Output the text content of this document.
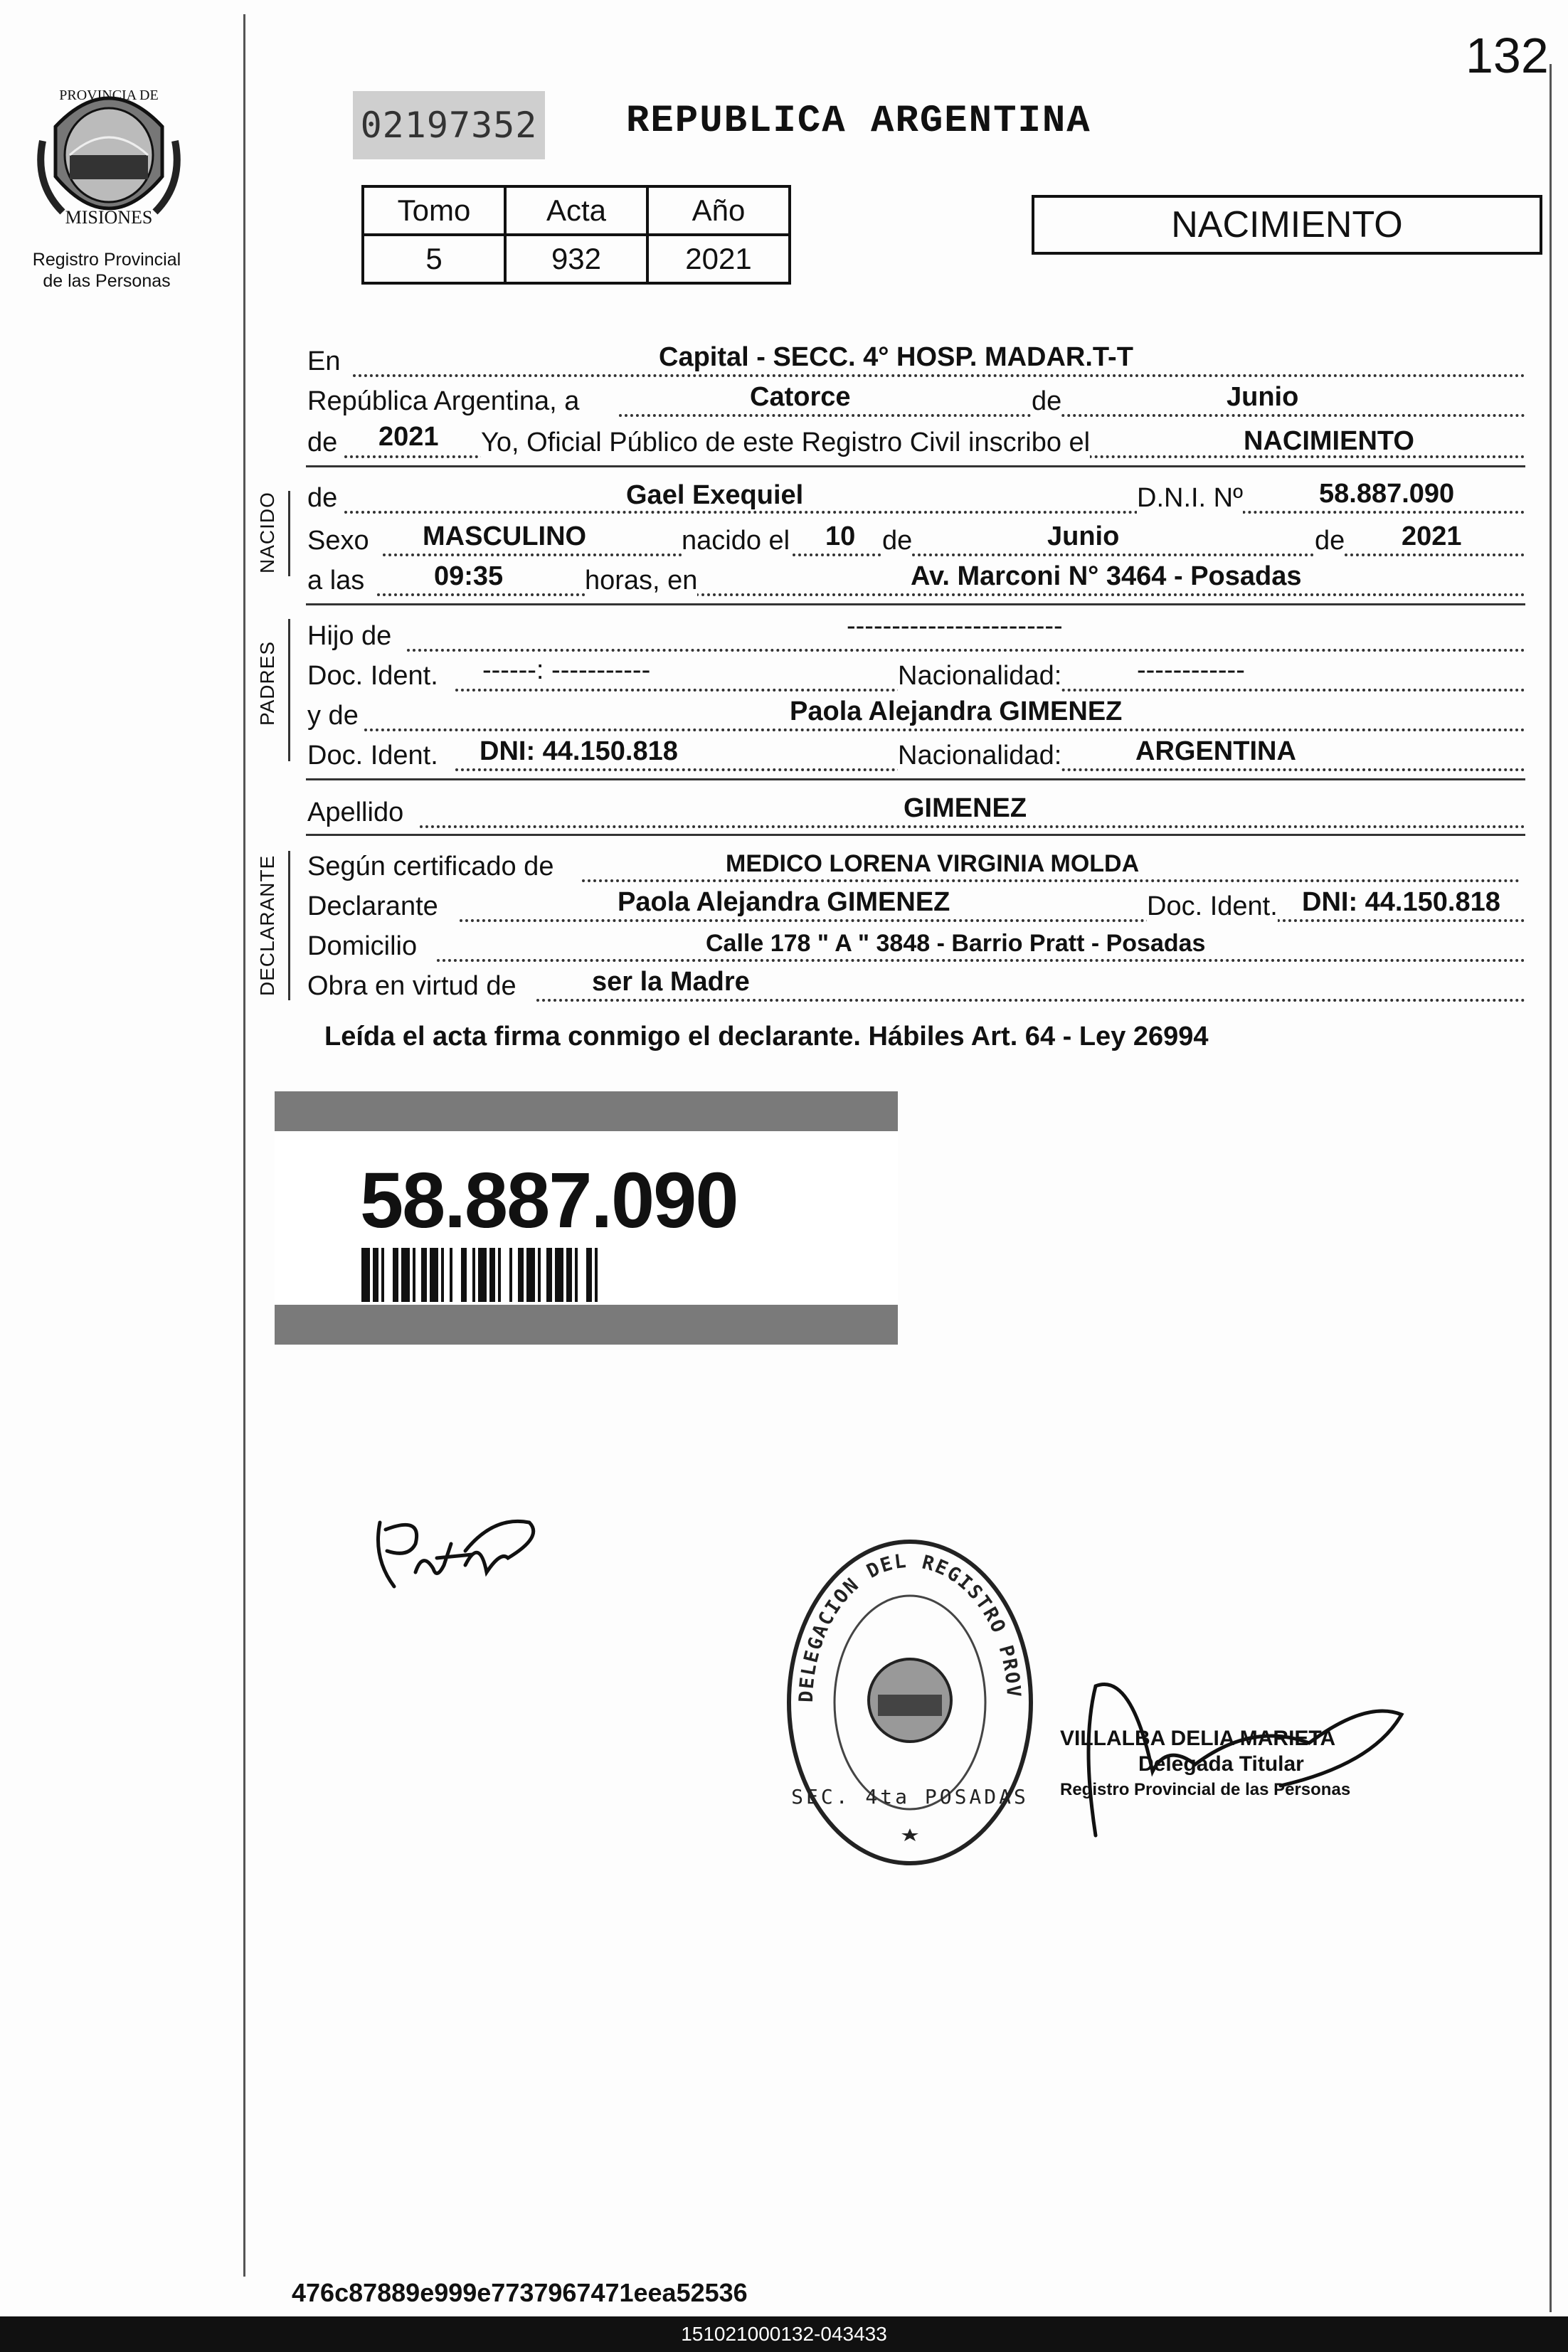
132
PROVINCIA DE
MISIONES
Registro Provincial
de las Personas
02197352 REPUBLICA ARGENTINA
Tomo	Acta	Año
5	932	2021
NACIMIENTO
En	Capital - SECC. 4° HOSP. MADAR.T-T
República Argentina, a	Catorce	de	Junio
de 2021 Yo, Oficial Público de este Registro Civil inscribo el	NACIMIENTO
NACIDO de	Gael Exequiel	D.N.I. Nº	58.887.090
Sexo MASCULINO	nacido el 10 de	Junio	de 2021
a las	09:35	horas, en	Av. Marconi N° 3464 - Posadas
PADRES
Hijo de	------------------------
Doc. Ident. ------: -----------	Nacionalidad:	------------
y de	Paola Alejandra GIMENEZ
Doc. Ident. DNI: 44.150.818	Nacionalidad:	ARGENTINA
Apellido	GIMENEZ
DECLARANTE Según certificado de	MEDICO LORENA VIRGINIA MOLDA
Declarante	Paola Alejandra GIMENEZ	Doc. Ident. DNI: 44.150.818
Domicilio	Calle 178 " A " 3848 - Barrio Pratt - Posadas
Obra en virtud de	ser la Madre
Leída el acta firma conmigo el declarante. Hábiles Art. 64 - Ley 26994
58.887.090
DELEGACION DEL REGISTRO PROV
SEC. 4ta POSADAS
VILLALBA DELIA MARIETA
Delegada Titular
Registro Provincial de las Personas
476c87889e999e7737967471eea52536
151021000132-043433
